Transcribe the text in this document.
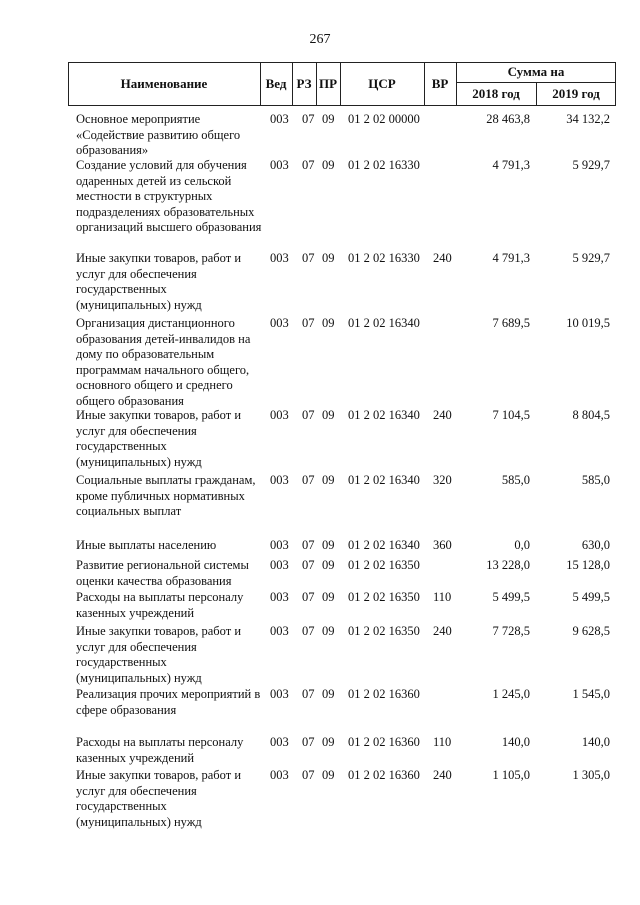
267
Наименование	Вед РЗ ПР	ЦСР	ВР
Сумма на
2018 год	2019 год
Основное мероприятие «Содействие развитию общего образования»
003 07 09 01 2 02 00000	28 463,8	34 132,2
Создание условий для обучения одаренных детей из сельской местности в структурных подразделениях образовательных организаций высшего образования
003 07 09 01 2 02 16330	4 791,3	5 929,7
Иные закупки товаров, работ и услуг для обеспечения государственных (муниципальных) нужд
003 07 09 01 2 02 16330 240	4 791,3	5 929,7
Организация дистанционного образования детей-инвалидов на дому по образовательным программам начального общего, основного общего и среднего общего образования
003 07 09 01 2 02 16340	7 689,5	10 019,5
Иные закупки товаров, работ и услуг для обеспечения государственных (муниципальных) нужд
003 07 09 01 2 02 16340 240	7 104,5	8 804,5
Социальные выплаты гражданам, кроме публичных нормативных социальных выплат
003 07 09 01 2 02 16340 320	585,0	585,0
Иные выплаты населению	003 07 09 01 2 02 16340 360	0,0	630,0
Развитие региональной системы оценки качества образования
003 07 09 01 2 02 16350	13 228,0	15 128,0
Расходы на выплаты персоналу казенных учреждений
003 07 09 01 2 02 16350 110	5 499,5	5 499,5
Иные закупки товаров, работ и услуг для обеспечения государственных (муниципальных) нужд
003 07 09 01 2 02 16350 240	7 728,5	9 628,5
Реализация прочих мероприятий в сфере образования
003 07 09 01 2 02 16360	1 245,0	1 545,0
Расходы на выплаты персоналу казенных учреждений
003 07 09 01 2 02 16360 110	140,0	140,0
Иные закупки товаров, работ и услуг для обеспечения государственных (муниципальных) нужд
003 07 09 01 2 02 16360 240	1 105,0	1 305,0
